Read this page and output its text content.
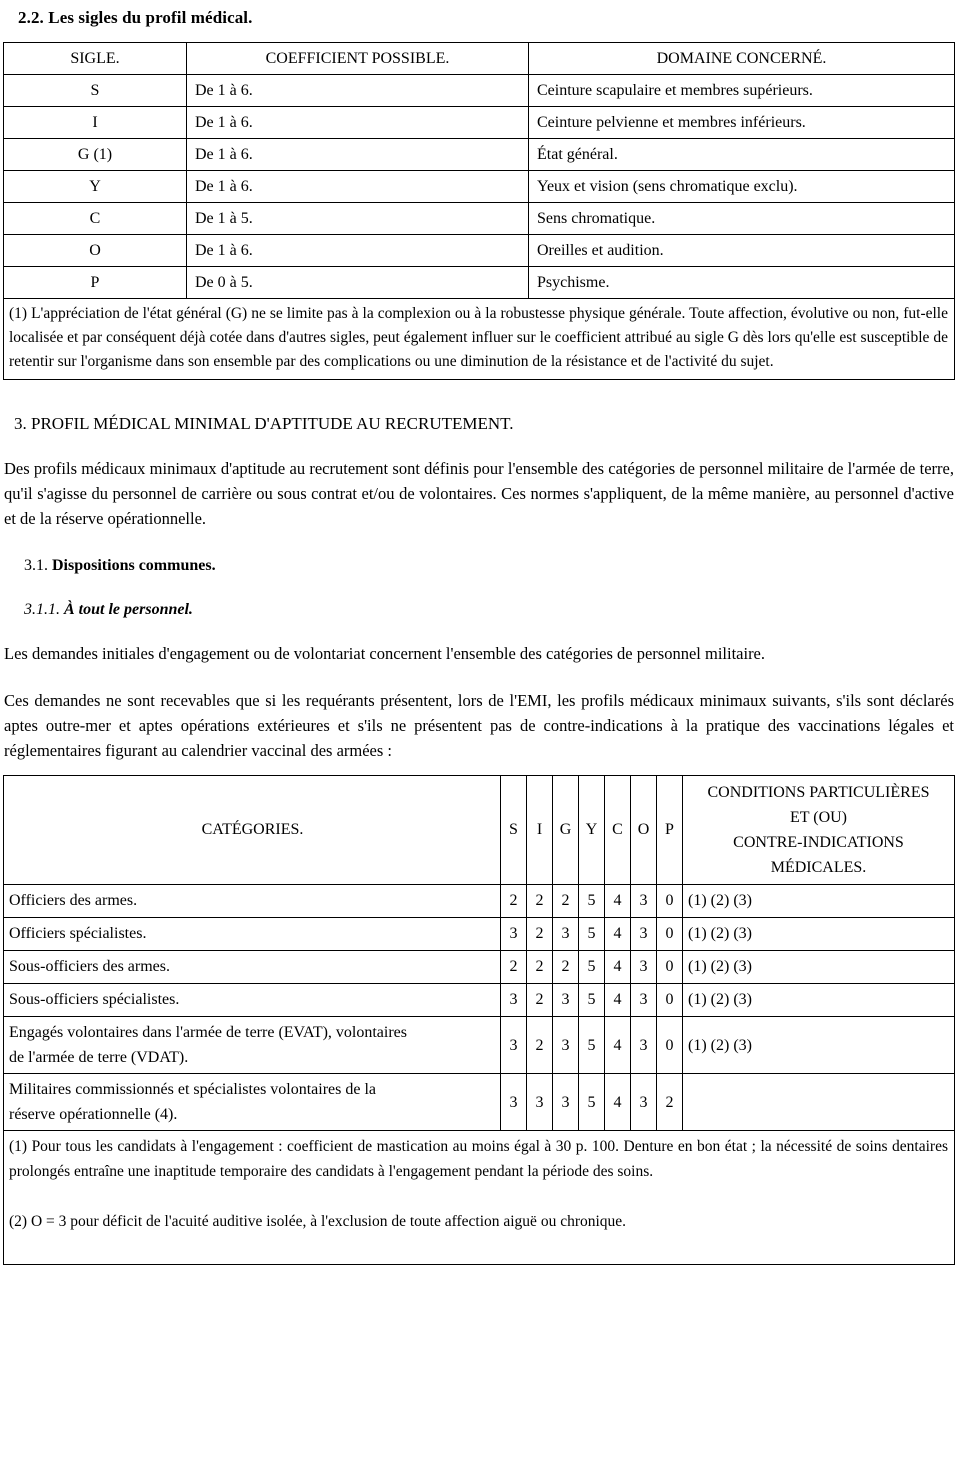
2.2. Les sigles du profil médical.
SIGLE.	COEFFICIENT POSSIBLE.	DOMAINE CONCERNÉ.
S	De 1 à 6.	Ceinture scapulaire et membres supérieurs.
I	De 1 à 6.	Ceinture pelvienne et membres inférieurs.
G (1)	De 1 à 6.	État général.
Y	De 1 à 6.	Yeux et vision (sens chromatique exclu).
C	De 1 à 5.	Sens chromatique.
O	De 1 à 6.	Oreilles et audition.
P	De 0 à 5.	Psychisme.
(1) L'appréciation de l'état général (G) ne se limite pas à la complexion ou à la robustesse physique générale. Toute affection, évolutive ou non, fut-elle localisée et par conséquent déjà cotée dans d'autres sigles, peut également influer sur le coefficient attribué au sigle G dès lors qu'elle est susceptible de retentir sur l'organisme dans son ensemble par des complications ou une diminution de la résistance et de l'activité du sujet.		
3. PROFIL MÉDICAL MINIMAL D'APTITUDE AU RECRUTEMENT.

Des profils médicaux minimaux d'aptitude au recrutement sont définis pour l'ensemble des catégories de personnel militaire de l'armée de terre, qu'il s'agisse du personnel de carrière ou sous contrat et/ou de volontaires. Ces normes s'appliquent, de la même manière, au personnel d'active et de la réserve opérationnelle.

3.1. Dispositions communes.
3.1.1. À tout le personnel.

Les demandes initiales d'engagement ou de volontariat concernent l'ensemble des catégories de personnel militaire.

Ces demandes ne sont recevables que si les requérants présentent, lors de l'EMI, les profils médicaux minimaux suivants, s'ils sont déclarés aptes outre-mer et aptes opérations extérieures et s'ils ne présentent pas de contre-indications à la pratique des vaccinations légales et réglementaires figurant au calendrier vaccinal des armées :

CATÉGORIES.	S	I	G	Y	C	O	P	CONDITIONS PARTICULIÈRES
ET (OU)
CONTRE-INDICATIONS
MÉDICALES.

Officiers des armes.	2	2	2	5	4	3	0	(1) (2) (3)
Officiers spécialistes.	3	2	3	5	4	3	0	(1) (2) (3)
Sous-officiers des armes.	2	2	2	5	4	3	0	(1) (2) (3)
Sous-officiers spécialistes.	3	2	3	5	4	3	0	(1) (2) (3)

Engagés volontaires dans l'armée de terre (EVAT), volontaires
de l'armée de terre (VDAT).	3	2	3	5	4	3	0	(1) (2) (3)

Militaires commissionnés et spécialistes volontaires de la
réserve opérationnelle (4).	3	3	3	5	4	3	2	

(1) Pour tous les candidats à l'engagement : coefficient de mastication au moins égal à 30 p. 100. Denture en bon état ; la nécessité de soins dentaires prolongés entraîne une inaptitude temporaire des candidats à l'engagement pendant la période des soins.
(2) O = 3 pour déficit de l'acuité auditive isolée, à l'exclusion de toute affection aiguë ou chronique.								
